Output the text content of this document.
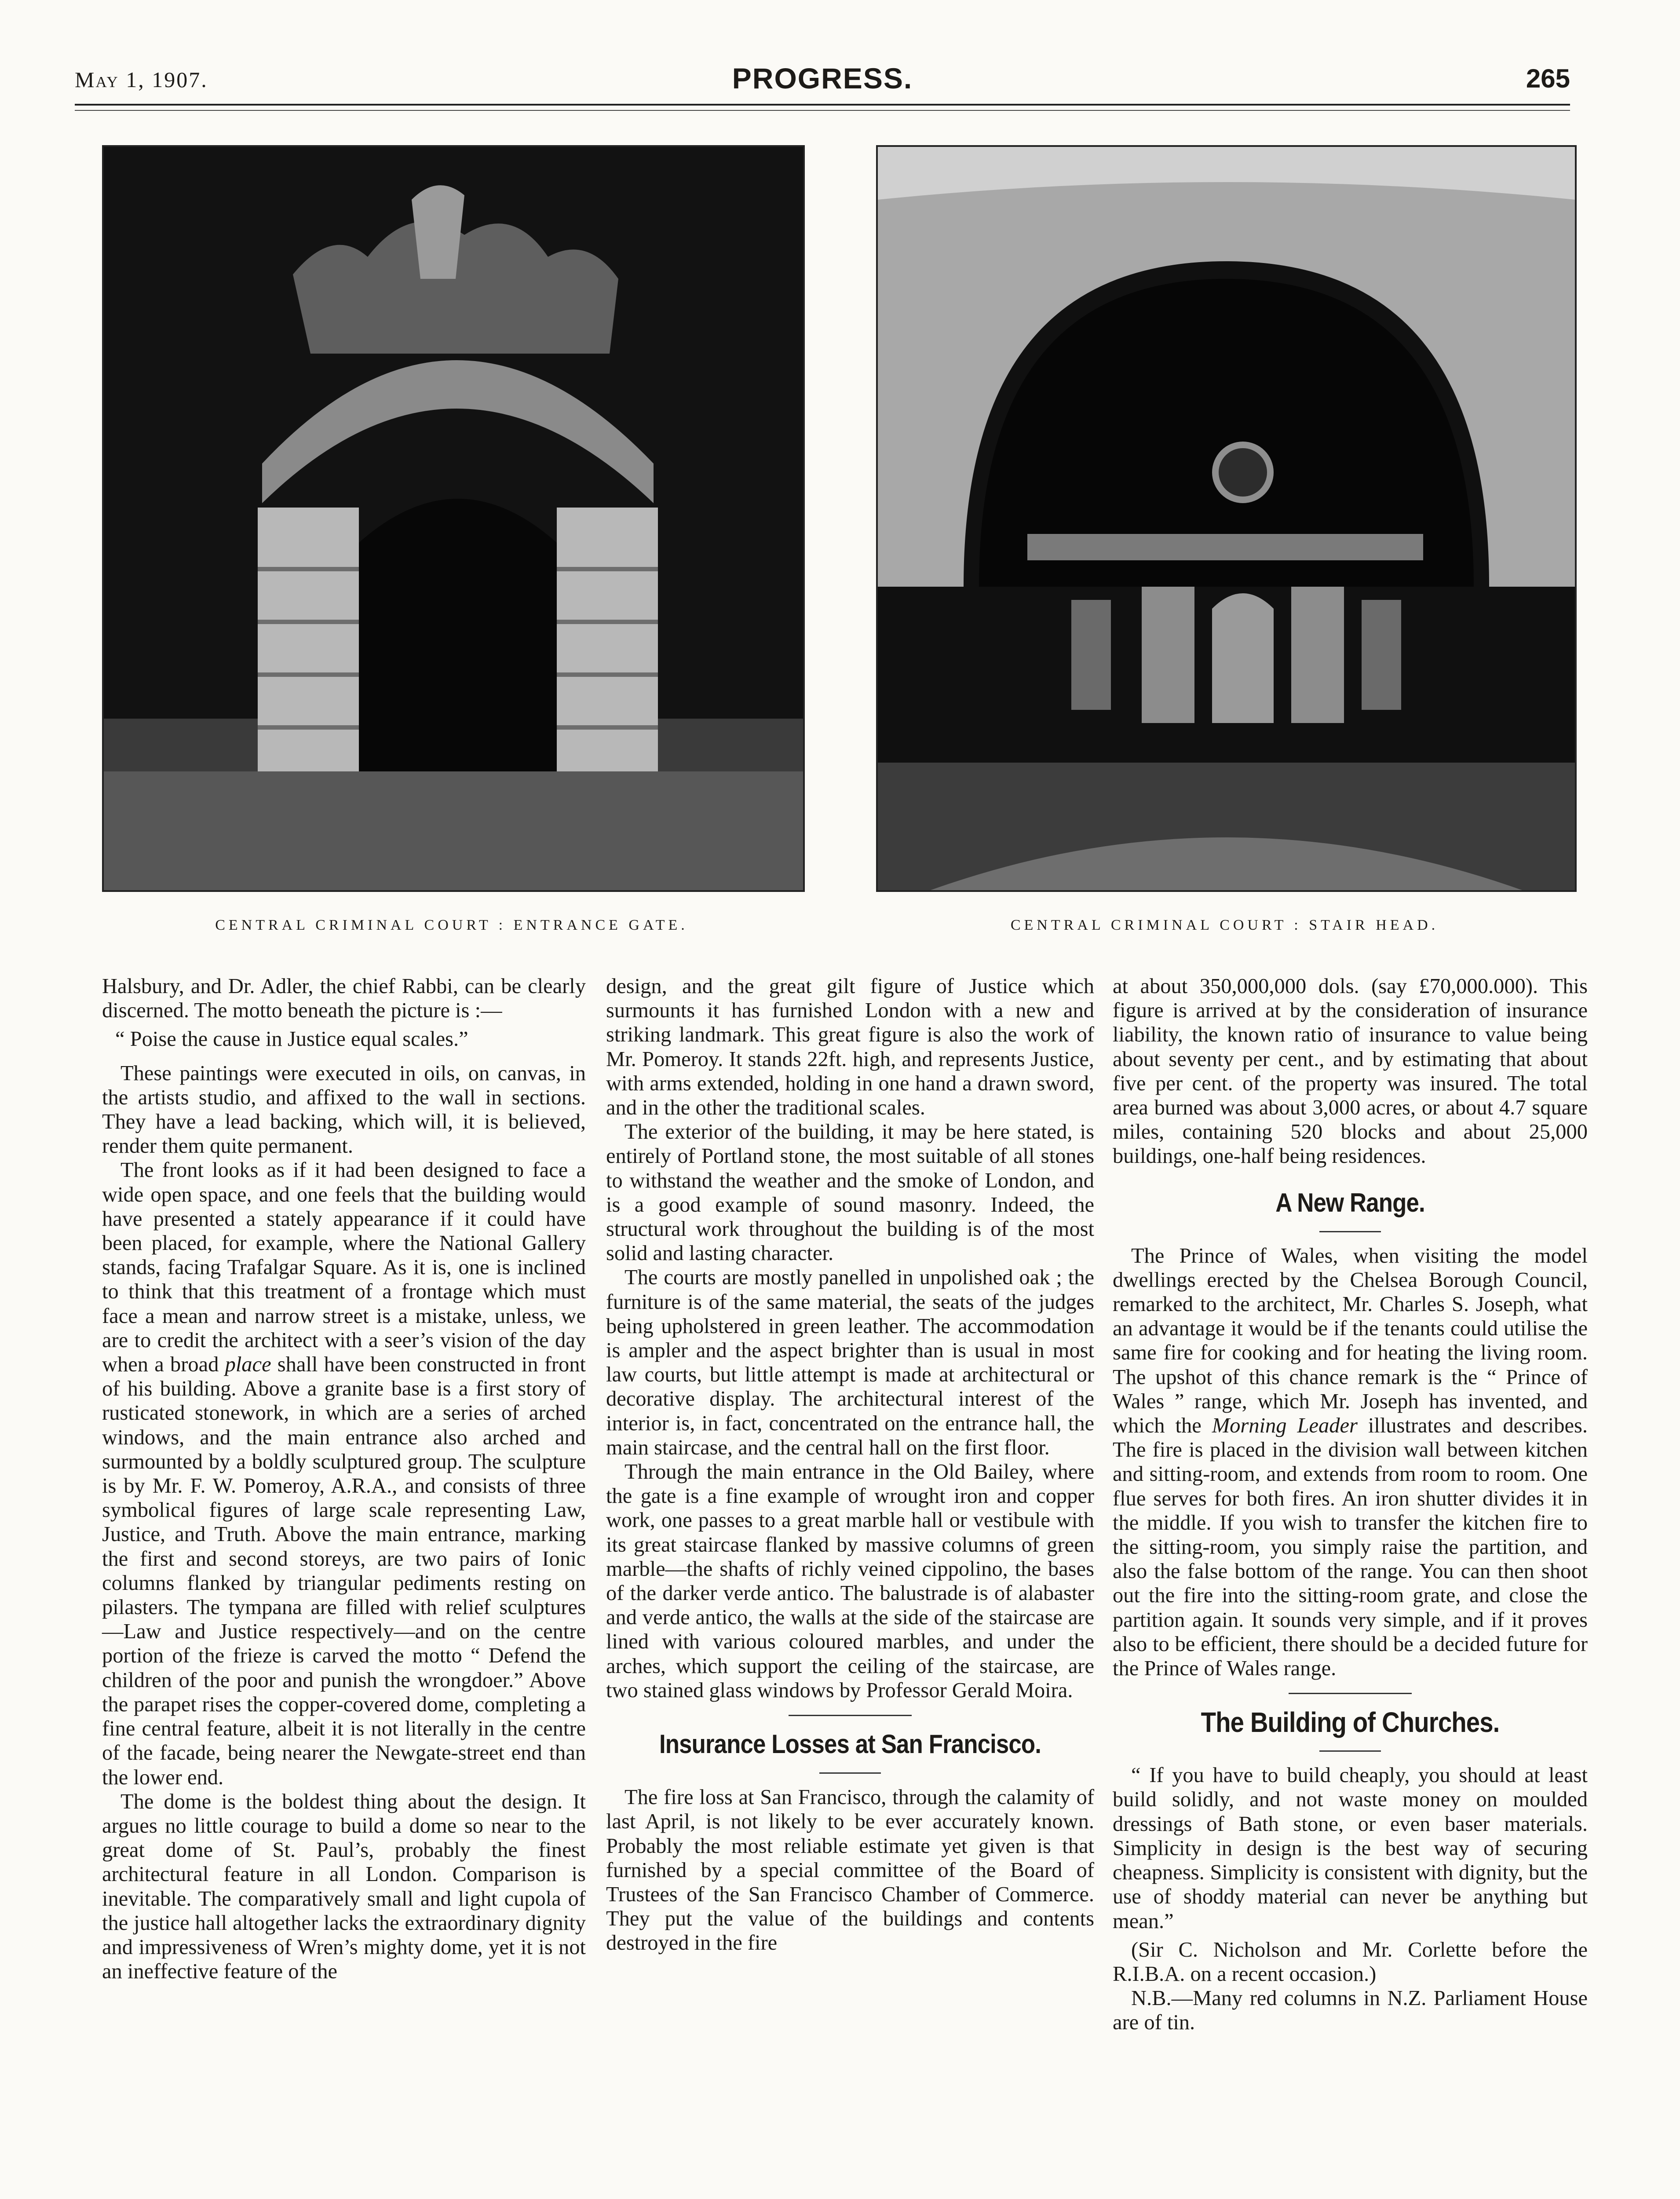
May 1, 1907.	PROGRESS.	265
CENTRAL CRIMINAL COURT : ENTRANCE GATE.	CENTRAL CRIMINAL COURT : STAIR HEAD.

Halsbury, and Dr. Adler, the chief Rabbi, can be clearly discerned. The motto beneath the picture is :—

“ Poise the cause in Justice equal scales.”

These paintings were executed in oils, on canvas, in the artists studio, and affixed to the wall in sections. They have a lead backing, which will, it is believed, render them quite permanent.

The front looks as if it had been designed to face a wide open space, and one feels that the building would have presented a stately appearance if it could have been placed, for example, where the National Gallery stands, facing Trafalgar Square. As it is, one is inclined to think that this treatment of a frontage which must face a mean and narrow street is a mistake, unless, we are to credit the architect with a seer’s vision of the day when a broad place shall have been constructed in front of his building. Above a granite base is a first story of rusticated stonework, in which are a series of arched windows, and the main entrance also arched and surmounted by a boldly sculptured group. The sculpture is by Mr. F. W. Pomeroy, A.R.A., and consists of three symbolical figures of large scale representing Law, Justice, and Truth. Above the main entrance, marking the first and second storeys, are two pairs of Ionic columns flanked by triangular pediments resting on pilasters. The tympana are filled with relief sculptures —Law and Justice respectively—and on the centre portion of the frieze is carved the motto “ Defend the children of the poor and punish the wrongdoer.” Above the parapet rises the copper-covered dome, completing a fine central feature, albeit it is not literally in the centre of the facade, being nearer the Newgate-street end than the lower end.

The dome is the boldest thing about the design. It argues no little courage to build a dome so near to the great dome of St. Paul’s, probably the finest architectural feature in all London. Comparison is inevitable. The comparatively small and light cupola of the justice hall altogether lacks the extraordinary dignity and impressiveness of Wren’s mighty dome, yet it is not an ineffective feature of the

design, and the great gilt figure of Justice which surmounts it has furnished London with a new and striking landmark. This great figure is also the work of Mr. Pomeroy. It stands 22ft. high, and represents Justice, with arms extended, holding in one hand a drawn sword, and in the other the traditional scales.

The exterior of the building, it may be here stated, is entirely of Portland stone, the most suitable of all stones to withstand the weather and the smoke of London, and is a good example of sound masonry. Indeed, the structural work throughout the building is of the most solid and lasting character.

The courts are mostly panelled in unpolished oak ; the furniture is of the same material, the seats of the judges being upholstered in green leather. The accommodation is ampler and the aspect brighter than is usual in most law courts, but little attempt is made at architectural or decorative display. The architectural interest of the interior is, in fact, concentrated on the entrance hall, the main staircase, and the central hall on the first floor.

Through the main entrance in the Old Bailey, where the gate is a fine example of wrought iron and copper work, one passes to a great marble hall or vestibule with its great staircase flanked by massive columns of green marble—the shafts of richly veined cippolino, the bases of the darker verde antico. The balustrade is of alabaster and verde antico, the walls at the side of the staircase are lined with various coloured marbles, and under the arches, which support the ceiling of the staircase, are two stained glass windows by Professor Gerald Moira.

Insurance Losses at San Francisco.

The fire loss at San Francisco, through the calamity of last April, is not likely to be ever accurately known. Probably the most reliable estimate yet given is that furnished by a special committee of the Board of Trustees of the San Francisco Chamber of Commerce. They put the value of the buildings and contents destroyed in the fire

at about 350,000,000 dols. (say £70,000.000). This figure is arrived at by the consideration of insurance liability, the known ratio of insurance to value being about seventy per cent., and by estimating that about five per cent. of the property was insured. The total area burned was about 3,000 acres, or about 4.7 square miles, containing 520 blocks and about 25,000 buildings, one-half being residences.

A New Range.

The Prince of Wales, when visiting the model dwellings erected by the Chelsea Borough Council, remarked to the architect, Mr. Charles S. Joseph, what an advantage it would be if the tenants could utilise the same fire for cooking and for heating the living room. The upshot of this chance remark is the “ Prince of Wales ” range, which Mr. Joseph has invented, and which the Morning Leader illustrates and describes. The fire is placed in the division wall between kitchen and sitting-room, and extends from room to room. One flue serves for both fires. An iron shutter divides it in the middle. If you wish to transfer the kitchen fire to the sitting-room, you simply raise the partition, and also the false bottom of the range. You can then shoot out the fire into the sitting-room grate, and close the partition again. It sounds very simple, and if it proves also to be efficient, there should be a decided future for the Prince of Wales range.

The Building of Churches.

“ If you have to build cheaply, you should at least build solidly, and not waste money on moulded dressings of Bath stone, or even baser materials. Simplicity in design is the best way of securing cheapness. Simplicity is consistent with dignity, but the use of shoddy material can never be anything but mean.”

(Sir C. Nicholson and Mr. Corlette before the R.I.B.A. on a recent occasion.)

N.B.—Many red columns in N.Z. Parliament House are of tin.
